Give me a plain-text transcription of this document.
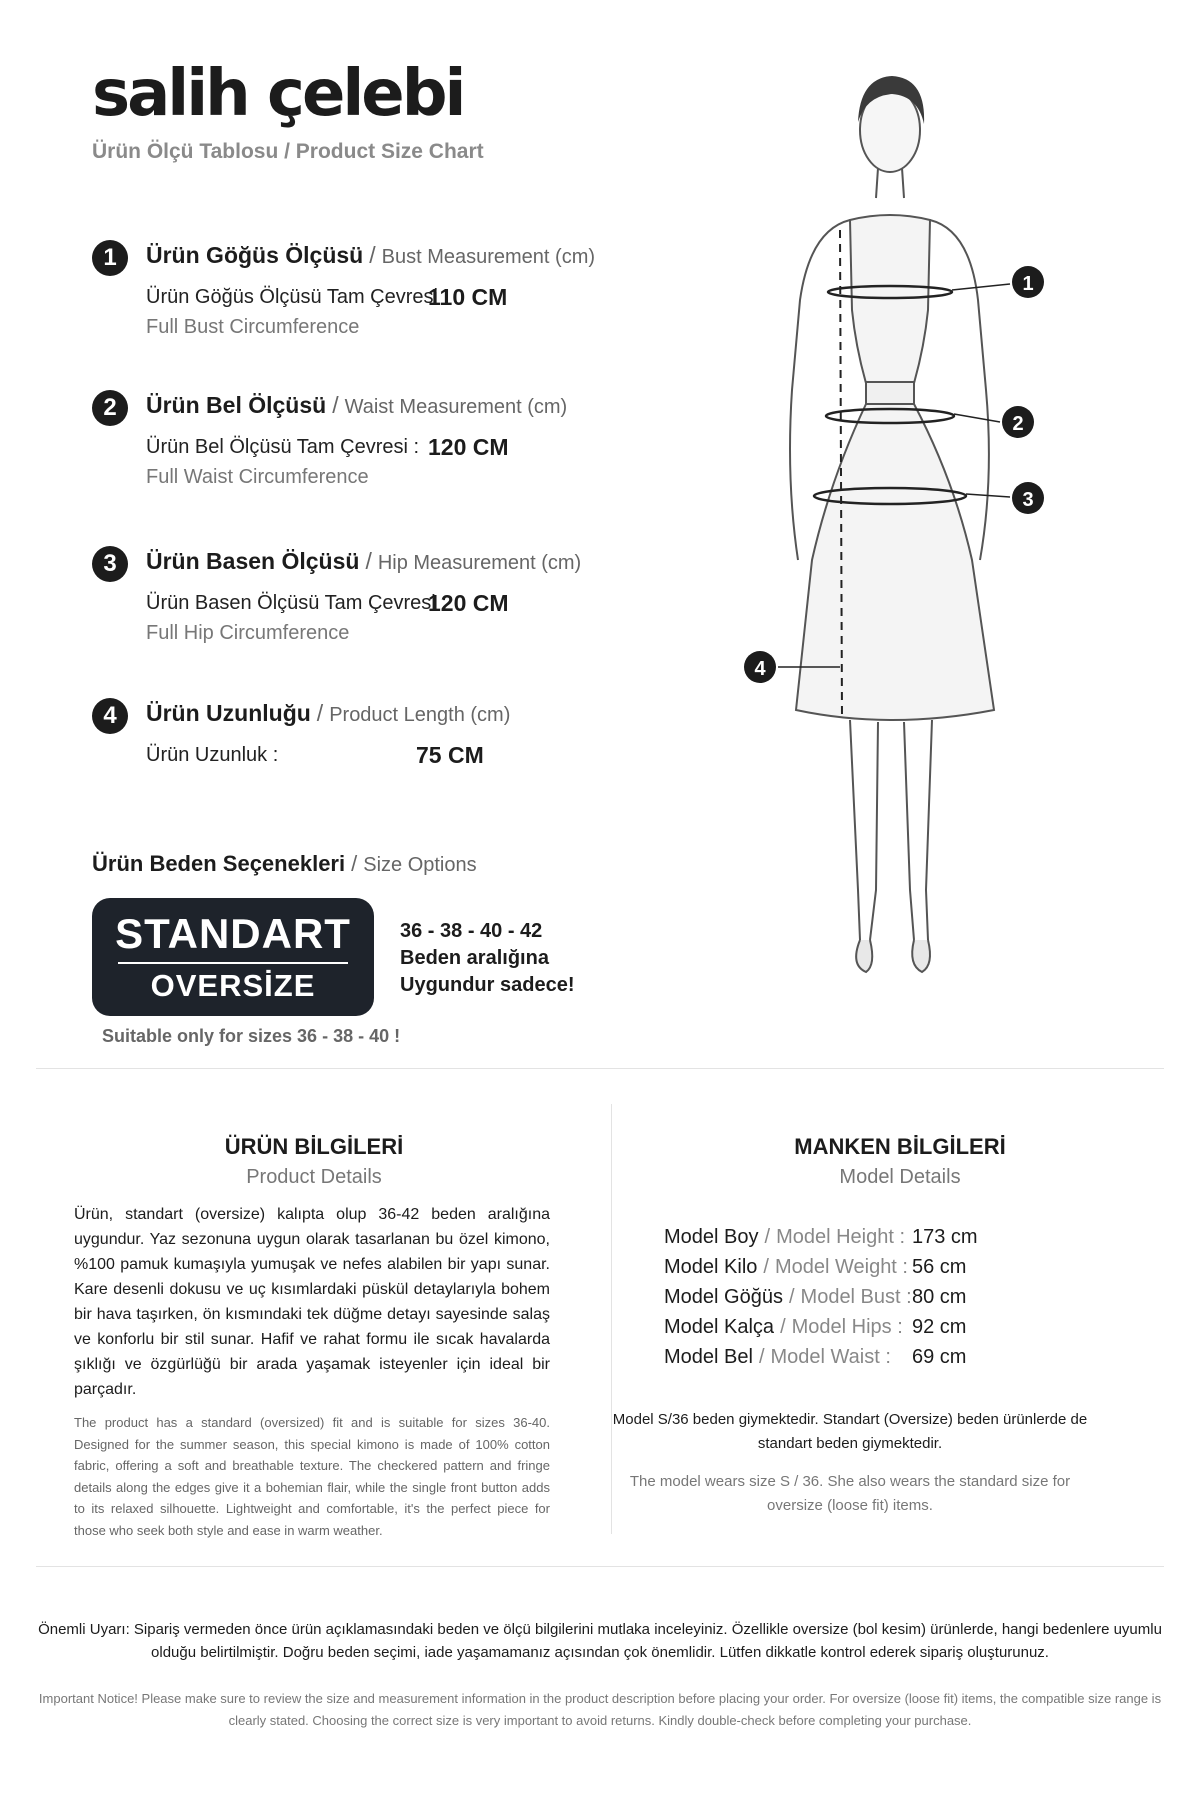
salih çelebi
Ürün Ölçü Tablosu / Product Size Chart
1	Ürün Göğüs Ölçüsü / Bust Measurement (cm)
Ürün Göğüs Ölçüsü Tam Çevresi :
110 CM
Full Bust Circumference
2	Ürün Bel Ölçüsü / Waist Measurement (cm)
Ürün Bel Ölçüsü Tam Çevresi : 120 CM
Full Waist Circumference
3	Ürün Basen Ölçüsü / Hip Measurement (cm)
Ürün Basen Ölçüsü Tam Çevresi :
120 CM
Full Hip Circumference
4	Ürün Uzunluğu / Product Length (cm)
Ürün Uzunluk :	75 CM
Ürün Beden Seçenekleri / Size Options
STANDART
OVERSİZE
36 - 38 - 40 - 42
Beden aralığına
Uygundur sadece!
Suitable only for sizes 36 - 38 - 40 !
1
2
3
4
ÜRÜN BİLGİLERİ
Product Details
Ürün, standart (oversize) kalıpta olup 36-42 beden aralığına uygundur. Yaz sezonuna uygun olarak tasarlanan bu özel kimono, %100 pamuk kumaşıyla yumuşak ve nefes alabilen bir yapı sunar. Kare desenli dokusu ve uç kısımlardaki püskül detaylarıyla bohem bir hava taşırken, ön kısmındaki tek düğme detayı sayesinde salaş ve konforlu bir stil sunar. Hafif ve rahat formu ile sıcak havalarda şıklığı ve özgürlüğü bir arada yaşamak isteyenler için ideal bir parçadır.
The product has a standard (oversized) fit and is suitable for sizes 36-40. Designed for the summer season, this special kimono is made of 100% cotton fabric, offering a soft and breathable texture. The checkered pattern and fringe details along the edges give it a bohemian flair, while the single front button adds to its relaxed silhouette. Lightweight and comfortable, it's the perfect piece for those who seek both style and ease in warm weather.
MANKEN BİLGİLERİ
Model Details
Model Boy / Model Height : 173 cm
Model Kilo / Model Weight : 56 cm
Model Göğüs / Model Bust : 80 cm
Model Kalça / Model Hips : 92 cm
Model Bel / Model Waist : 69 cm
Model S/36 beden giymektedir. Standart (Oversize) beden ürünlerde de standart beden giymektedir.
The model wears size S / 36. She also wears the standard size for oversize (loose fit) items.
Önemli Uyarı: Sipariş vermeden önce ürün açıklamasındaki beden ve ölçü bilgilerini mutlaka inceleyiniz. Özellikle oversize (bol kesim) ürünlerde, hangi bedenlere uyumlu olduğu belirtilmiştir. Doğru beden seçimi, iade yaşamamanız açısından çok önemlidir. Lütfen dikkatle kontrol ederek sipariş oluşturunuz.
Important Notice! Please make sure to review the size and measurement information in the product description before placing your order. For oversize (loose fit) items, the compatible size range is clearly stated. Choosing the correct size is very important to avoid returns. Kindly double-check before completing your purchase.
